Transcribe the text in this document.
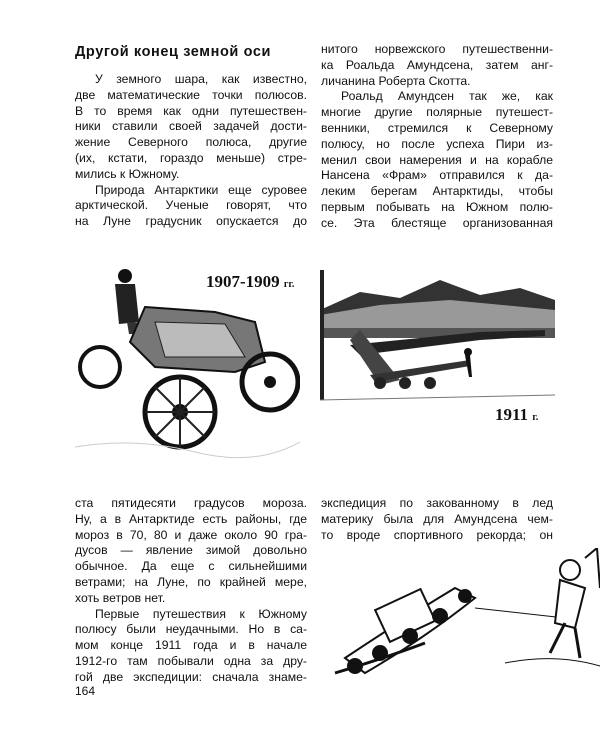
Другой конец земной оси
У земного шара, как известно,
две математические точки полюсов.
В то время как одни путешествен-
ники ставили своей задачей дости-
жение Северного полюса, другие
(их, кстати, гораздо меньше) стре-
мились к Южному.
Природа Антарктики еще суровее
арктической. Ученые говорят, что
на Луне градусник опускается до
нитого норвежского путешественни-
ка Роальда Амундсена, затем анг-
личанина Роберта Скотта.
Роальд Амундсен так же, как
многие другие полярные путешест-
венники, стремился к Северному
полюсу, но после успеха Пири из-
менил свои намерения и на корабле
Нансена «Фрам» отправился к да-
леким берегам Антарктиды, чтобы
первым побывать на Южном полю-
се. Эта блестяще организованная
1907-1909 гг.
1911 г.
ста пятидесяти градусов мороза.
Ну, а в Антарктиде есть районы, где
мороз в 70, 80 и даже около 90 гра-
дусов — явление зимой довольно
обычное. Да еще с сильнейшими
ветрами; на Луне, по крайней мере,
хоть ветров нет.
Первые путешествия к Южному
полюсу были неудачными. Но в са-
мом конце 1911 года и в начале
1912-го там побывали одна за дру-
гой две экспедиции: сначала знаме-
экспедиция по закованному в лед
материку была для Амундсена чем-
то вроде спортивного рекорда; он
164
